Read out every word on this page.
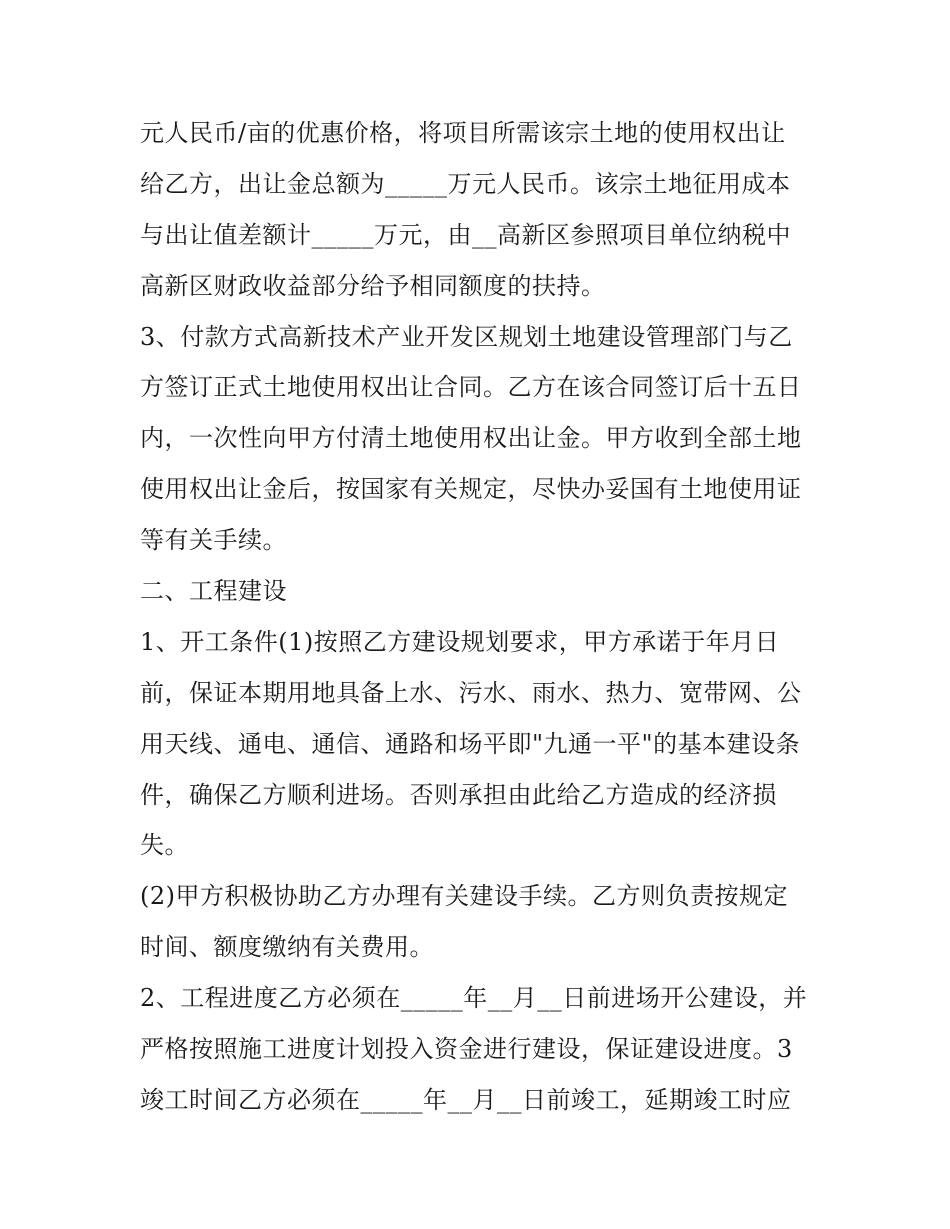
元人民币/亩的优惠价格，将项目所需该宗土地的使用权出让
给乙方，出让金总额为_____万元人民币。该宗土地征用成本
与出让值差额计_____万元，由__高新区参照项目单位纳税中
高新区财政收益部分给予相同额度的扶持。
3、付款方式高新技术产业开发区规划土地建设管理部门与乙
方签订正式土地使用权出让合同。乙方在该合同签订后十五日
内，一次性向甲方付清土地使用权出让金。甲方收到全部土地
使用权出让金后，按国家有关规定，尽快办妥国有土地使用证
等有关手续。
二、工程建设
1、开工条件(1)按照乙方建设规划要求，甲方承诺于年月日
前，保证本期用地具备上水、污水、雨水、热力、宽带网、公
用天线、通电、通信、通路和场平即"九通一平"的基本建设条
件，确保乙方顺利进场。否则承担由此给乙方造成的经济损
失。
(2)甲方积极协助乙方办理有关建设手续。乙方则负责按规定
时间、额度缴纳有关费用。
2、工程进度乙方必须在_____年__月__日前进场开公建设，并
严格按照施工进度计划投入资金进行建设，保证建设进度。3
竣工时间乙方必须在_____年__月__日前竣工，延期竣工时应
